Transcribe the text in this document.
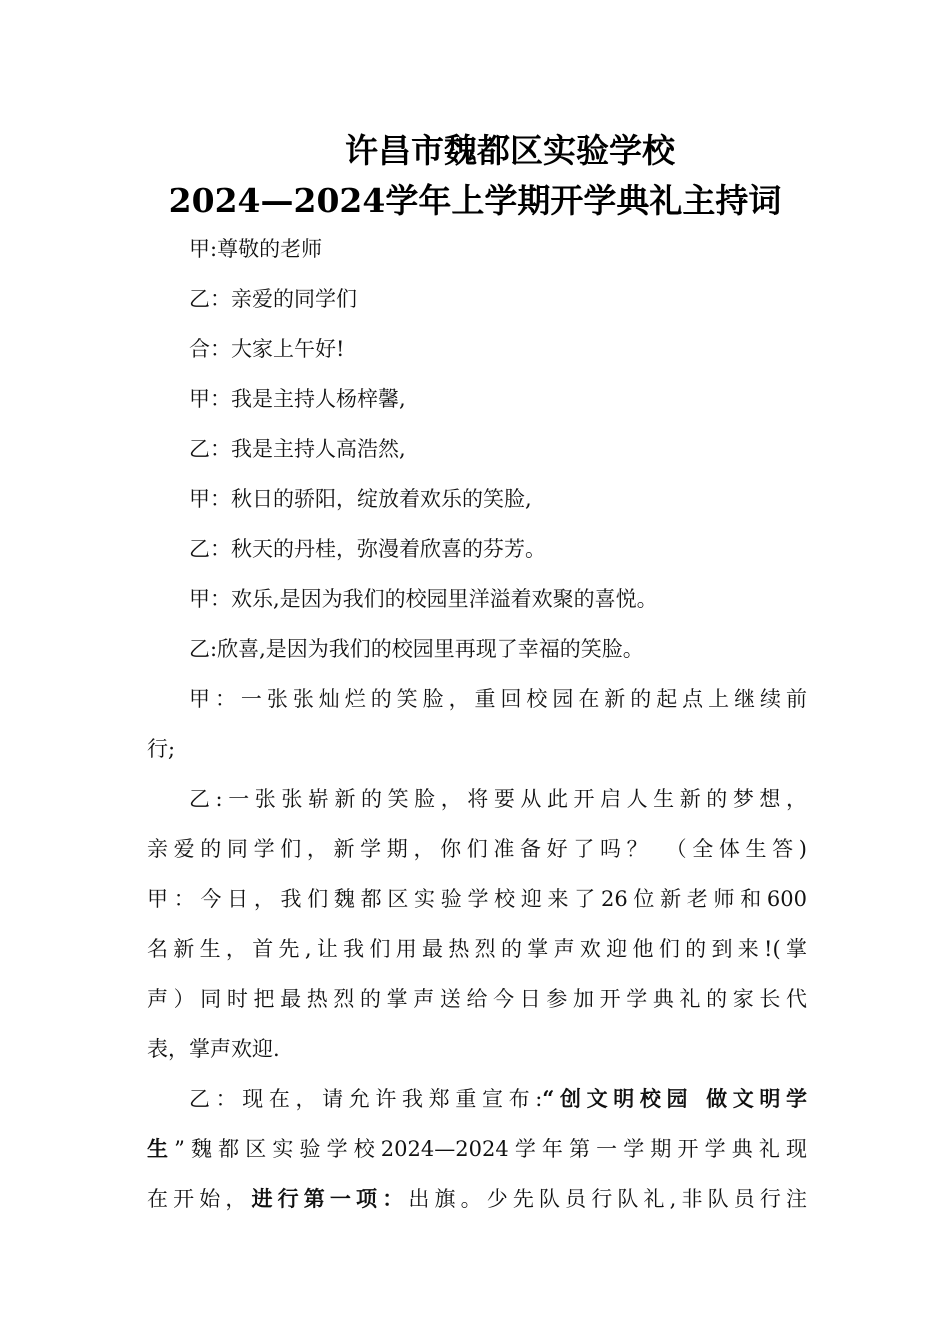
许昌市魏都区实验学校
2024—2024学年上学期开学典礼主持词
甲:尊敬的老师
乙：亲爱的同学们
合：大家上午好!
甲：我是主持人杨梓馨,
乙：我是主持人高浩然,
甲：秋日的骄阳，绽放着欢乐的笑脸,
乙：秋天的丹桂，弥漫着欣喜的芬芳。
甲：欢乐,是因为我们的校园里洋溢着欢聚的喜悦。
乙:欣喜,是因为我们的校园里再现了幸福的笑脸。
甲：一张张灿烂的笑脸，重回校园在新的起点上继续前
行;
乙:一张张崭新的笑脸，将要从此开启人生新的梦想，
亲爱的同学们，新学期，你们准备好了吗？ （全体生答)
甲：今日，我们魏都区实验学校迎来了26位新老师和600
名新生，首先,让我们用最热烈的掌声欢迎他们的到来!(掌
声）同时把最热烈的掌声送给今日参加开学典礼的家长代
表，掌声欢迎.
乙：现在，请允许我郑重宣布:“创文明校园 做文明学
生”魏都区实验学校2024—2024学年第一学期开学典礼现
在开始，进行第一项：出旗。少先队员行队礼,非队员行注
